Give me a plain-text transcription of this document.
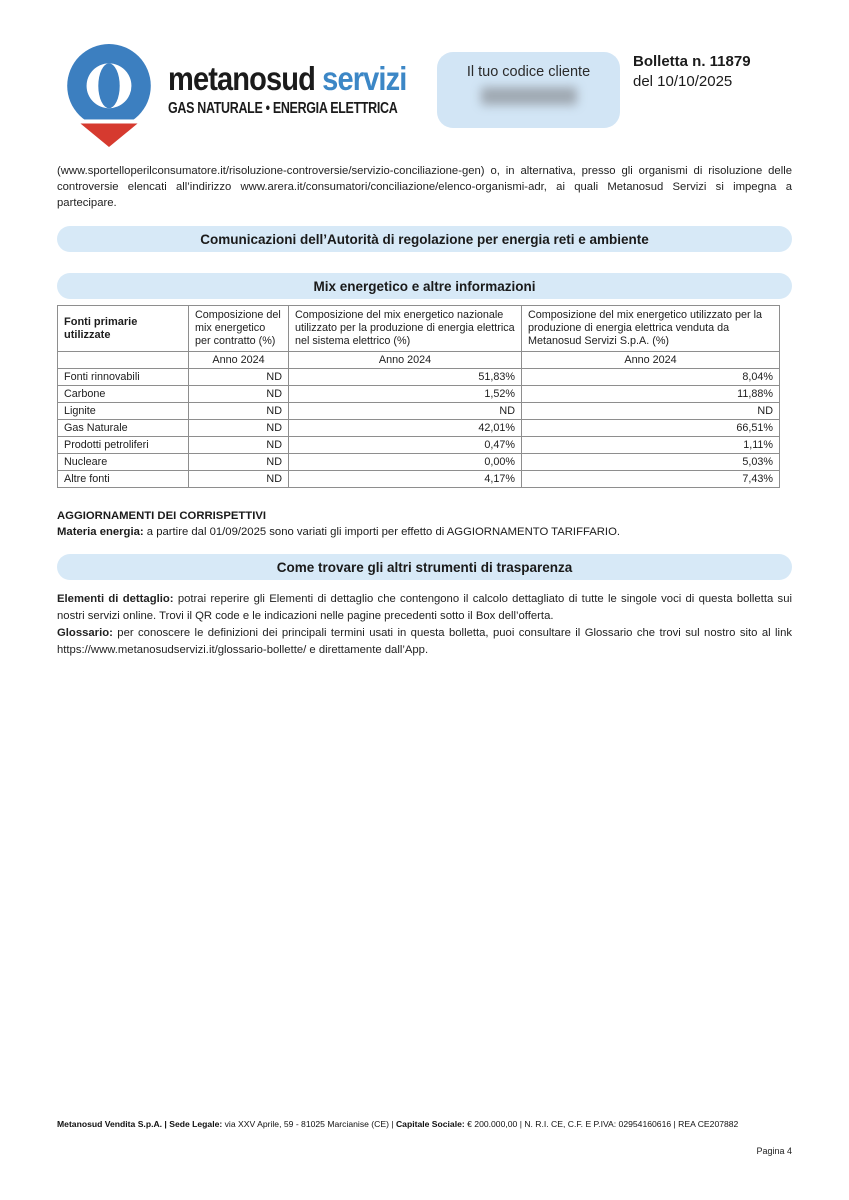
metanosud servizi
GAS NATURALE • ENERGIA ELETTRICA
Il tuo codice cliente
Bolletta n. 11879
del 10/10/2025

(www.sportelloperilconsumatore.it/risoluzione-controversie/servizio-conciliazione-gen) o, in alternativa, presso gli organismi di risoluzione delle controversie elencati all’indirizzo www.arera.it/consumatori/conciliazione/elenco-organismi-adr, ai quali Metanosud Servizi si impegna a partecipare.

Comunicazioni dell’Autorità di regolazione per energia reti e ambiente
Mix energetico e altre informazioni
Fonti primarie utilizzate	Composizione del mix energetico per contratto (%)	Composizione del mix energetico nazionale utilizzato per la produzione di energia elettrica nel sistema elettrico (%)	Composizione del mix energetico utilizzato per la produzione di energia elettrica venduta da Metanosud Servizi S.p.A. (%)
	Anno 2024	Anno 2024	Anno 2024
Fonti rinnovabili	ND	51,83%	8,04%
Carbone	ND	1,52%	11,88%
Lignite	ND	ND	ND
Gas Naturale	ND	42,01%	66,51%
Prodotti petroliferi	ND	0,47%	1,11%
Nucleare	ND	0,00%	5,03%
Altre fonti	ND	4,17%	7,43%
AGGIORNAMENTI DEI CORRISPETTIVI
Materia energia: a partire dal 01/09/2025 sono variati gli importi per effetto di AGGIORNAMENTO TARIFFARIO.
Come trovare gli altri strumenti di trasparenza

Elementi di dettaglio: potrai reperire gli Elementi di dettaglio che contengono il calcolo dettagliato di tutte le singole voci di questa bolletta sui nostri servizi online. Trovi il QR code e le indicazioni nelle pagine precedenti sotto il Box dell’offerta.

Glossario: per conoscere le definizioni dei principali termini usati in questa bolletta, puoi consultare il Glossario che trovi sul nostro sito al link https://www.metanosudservizi.it/glossario-bollette/ e direttamente dall’App.

Metanosud Vendita S.p.A. | Sede Legale: via XXV Aprile, 59 - 81025 Marcianise (CE) | Capitale Sociale: € 200.000,00 | N. R.I. CE, C.F. E P.IVA: 02954160616 | REA CE207882
Pagina 4
